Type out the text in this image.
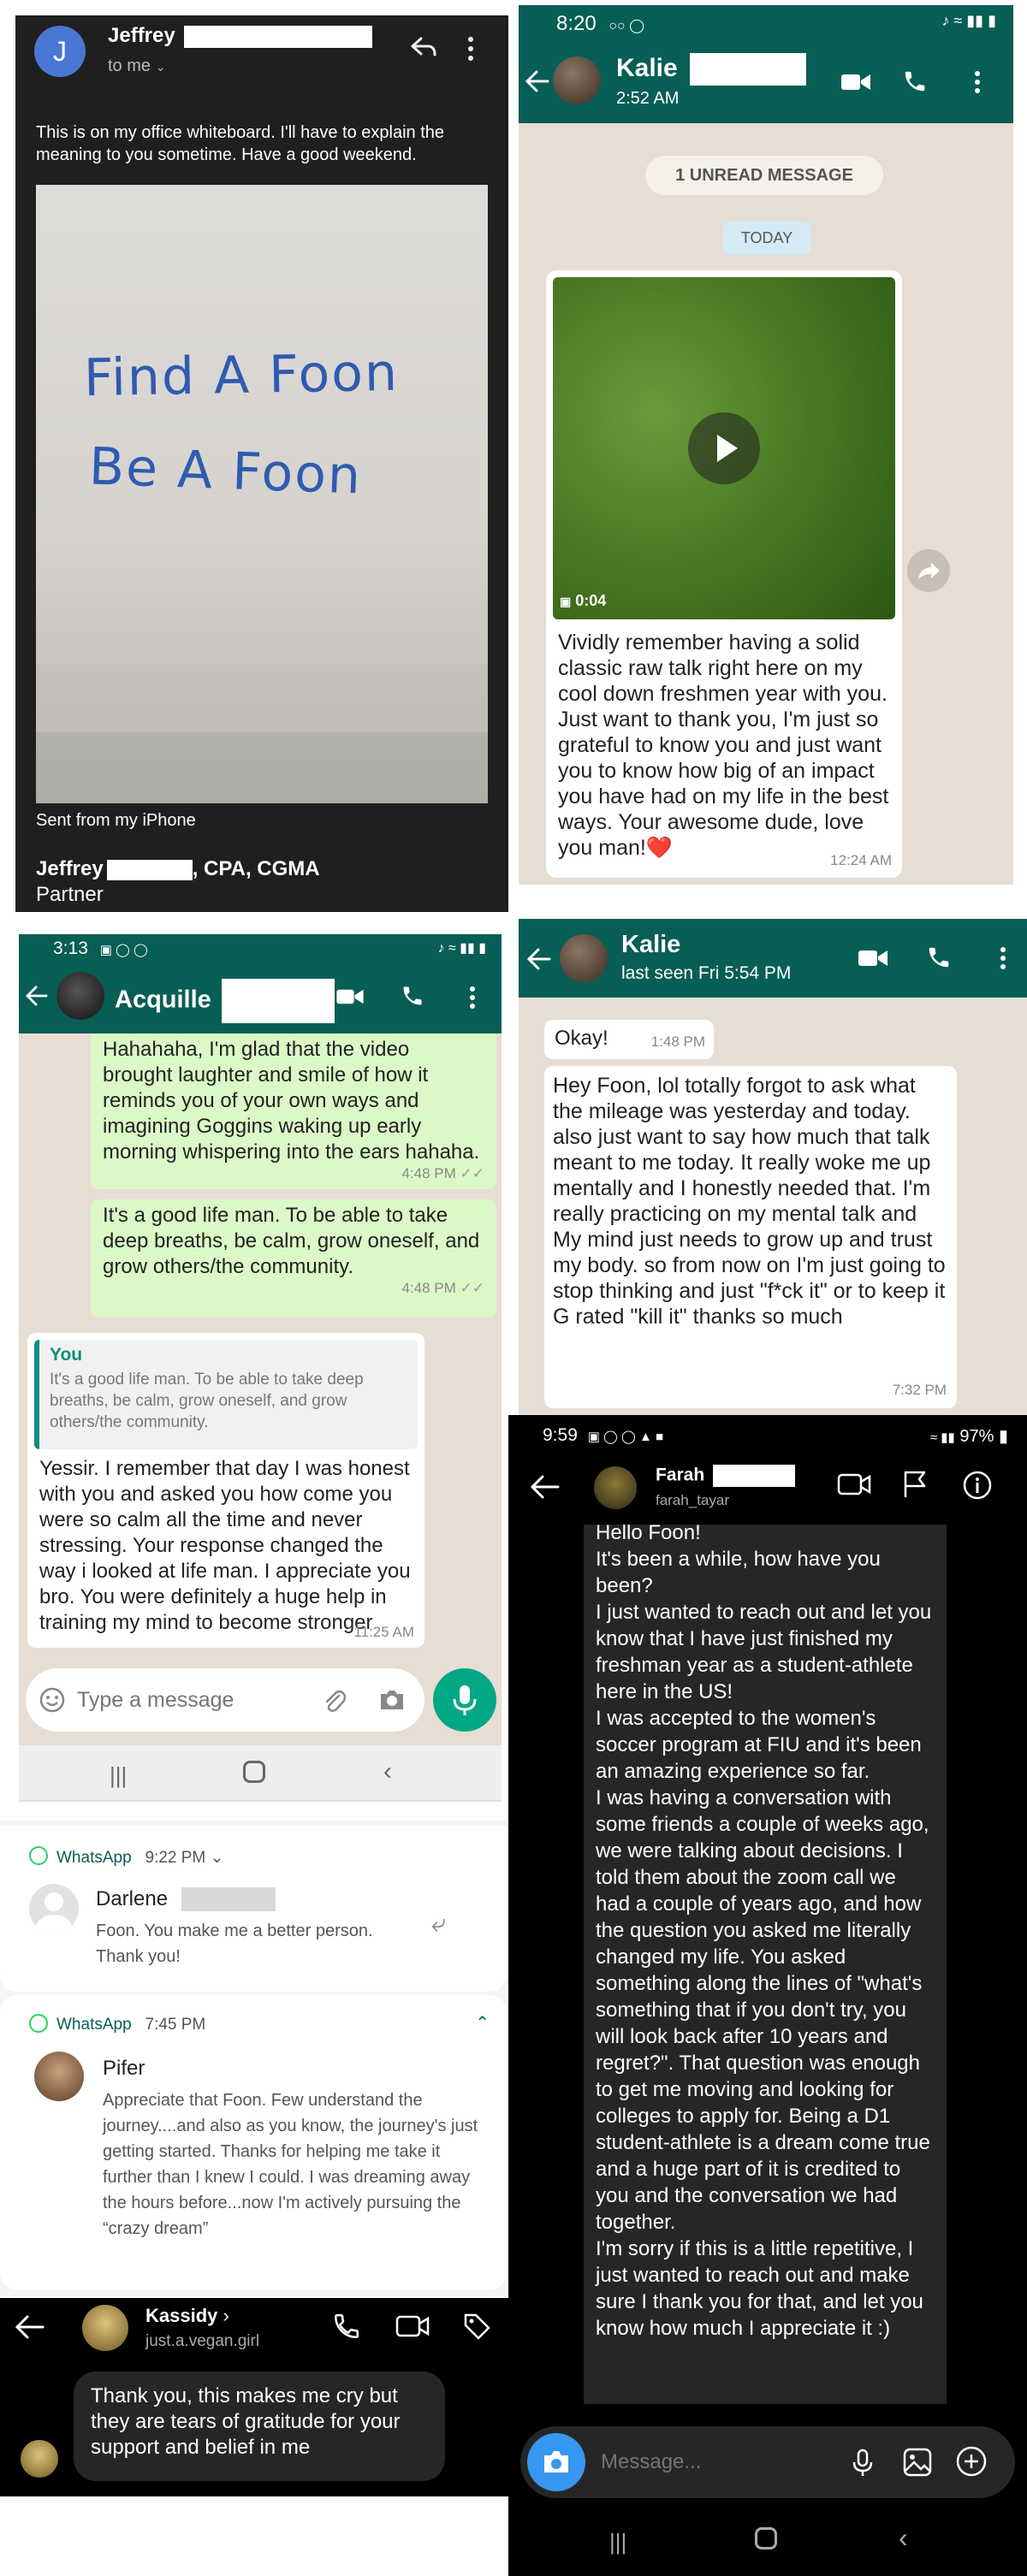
J	Jeffrey
to me ⌄
This is on my office whiteboard. I'll have to explain the meaning to you sometime. Have a good weekend.
Find A Foon
Be A Foon
Sent from my iPhone
Jeffrey	, CPA, CGMA
Partner
8:20 ○○ ◯	♪ ≈ ▮▮ ▮
Kalie
2:52 AM
1 UNREAD MESSAGE
TODAY
▣ 0:04
Vividly remember having a solid classic raw talk right here on my cool down freshmen year with you. Just want to thank you, I'm just so grateful to know you and just want you to know how big of an impact you have had on my life in the best ways. Your awesome dude, love you man!❤️
12:24 AM
3:13 ▣ ◯ ◯	♪ ≈ ▮▮ ▮
Acquille
Hahahaha, I'm glad that the video brought laughter and smile of how it reminds you of your own ways and imagining Goggins waking up early morning whispering into the ears hahaha.
4:48 PM ✓✓
It's a good life man. To be able to take deep breaths, be calm, grow oneself, and grow others/the community.
4:48 PM ✓✓
You
It's a good life man. To be able to take deep breaths, be calm, grow oneself, and grow others/the community.
Yessir. I remember that day I was honest with you and asked you how come you were so calm all the time and never stressing. Your response changed the way i looked at life man. I appreciate you bro. You were definitely a huge help in training my mind to become stronger
11:25 AM
Type a message
|||	‹
WhatsApp 9:22 PM ⌄
Darlene
Foon. You make me a better person. Thank you!
⤶
WhatsApp 7:45 PM	⌃
Pifer
Appreciate that Foon. Few understand the journey....and also as you know, the journey's just getting started. Thanks for helping me take it further than I knew I could. I was dreaming away the hours before...now I'm actively pursuing the “crazy dream”
Kassidy ›
just.a.vegan.girl
Thank you, this makes me cry but they are tears of gratitude for your support and belief in me
Kalie
last seen Fri 5:54 PM
Okay!	1:48 PM
Hey Foon, lol totally forgot to ask what the mileage was yesterday and today. also just want to say how much that talk meant to me today. It really woke me up mentally and I honestly needed that. I'm really practicing on my mental talk and My mind just needs to grow up and trust my body. so from now on I'm just going to stop thinking and just "f*ck it" or to keep it G rated "kill it" thanks so much
7:32 PM
9:59 ▣ ◯ ◯ ▲ ■	≈ ▮▮ 97% ▮
Farah
farah_tayar

Hello Foon!

It's been a while, how have you been?

I just wanted to reach out and let you know that I have just finished my freshman year as a student-athlete here in the US!

I was accepted to the women's soccer program at FIU and it's been an amazing experience so far.

I was having a conversation with some friends a couple of weeks ago, we were talking about decisions. I told them about the zoom call we had a couple of years ago, and how the question you asked me literally changed my life. You asked something along the lines of "what's something that if you don't try, you will look back after 10 years and regret?". That question was enough to get me moving and looking for colleges to apply for. Being a D1 student-athlete is a dream come true and a huge part of it is credited to you and the conversation we had together.

I'm sorry if this is a little repetitive, I just wanted to reach out and make sure I thank you for that, and let you know how much I appreciate it :)

Message...
|||	‹
